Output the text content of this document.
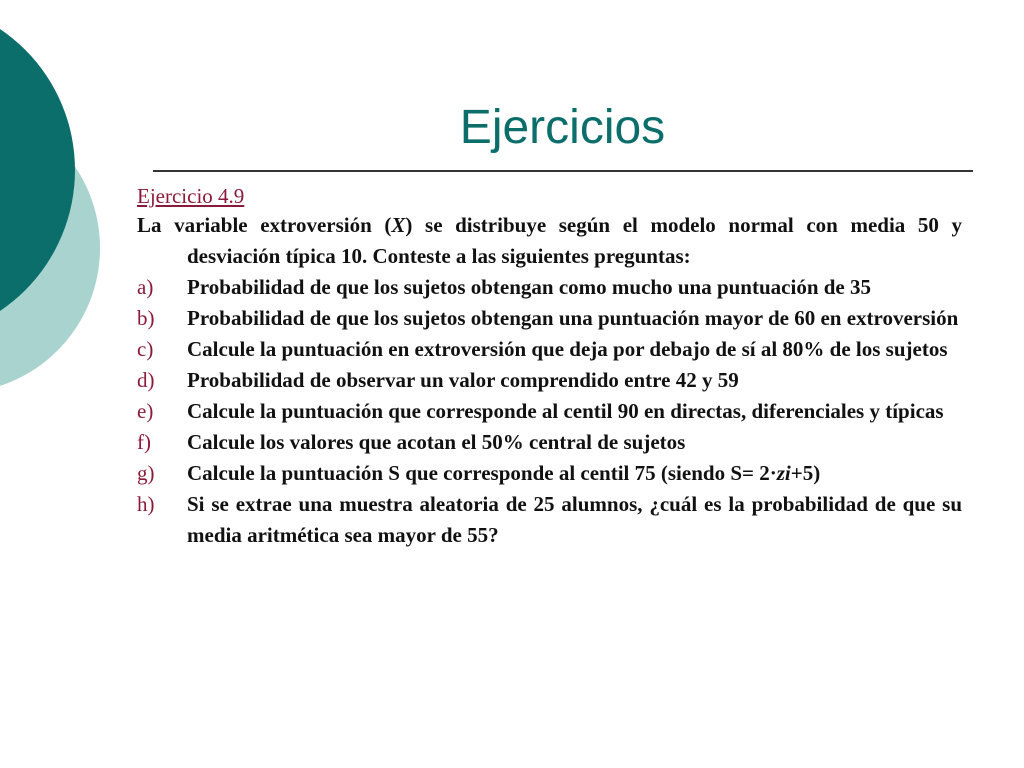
Ejercicios
Ejercicio 4.9
La variable extroversión (X) se distribuye según el modelo normal con media 50 y desviación típica 10. Conteste a las siguientes preguntas:
a) Probabilidad de que los sujetos obtengan como mucho una puntuación de 35
b) Probabilidad de que los sujetos obtengan una puntuación mayor de 60 en extroversión
c) Calcule la puntuación en extroversión que deja por debajo de sí al 80% de los sujetos
d) Probabilidad de observar un valor comprendido entre 42 y 59
e) Calcule la puntuación que corresponde al centil 90 en directas, diferenciales y típicas
f) Calcule los valores que acotan el 50% central de sujetos
g) Calcule la puntuación S que corresponde al centil 75 (siendo S= 2·zi+5)
h) Si se extrae una muestra aleatoria de 25 alumnos, ¿cuál es la probabilidad de que su media aritmética sea mayor de 55?
